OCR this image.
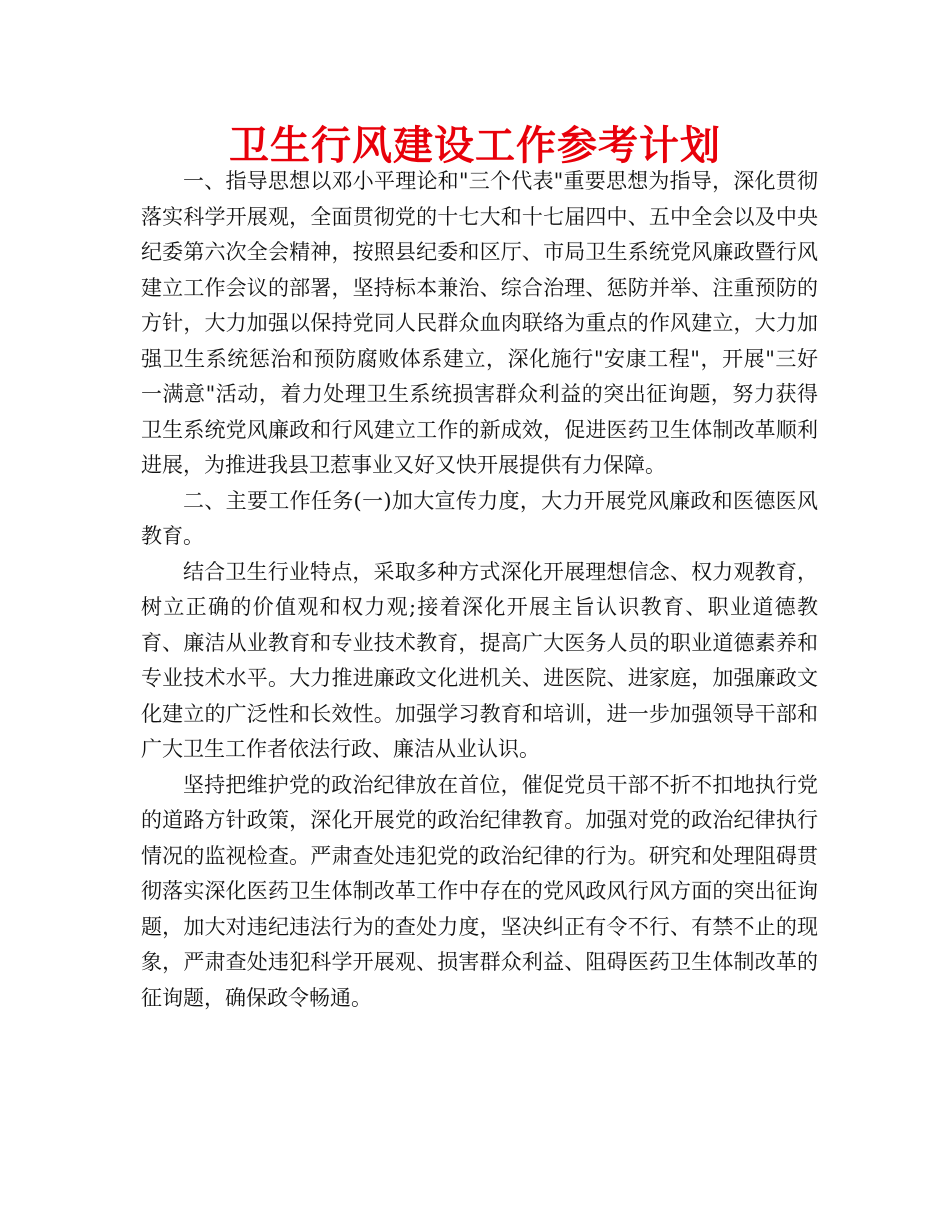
卫生行风建设工作参考计划

一、指导思想以邓小平理论和"三个代表"重要思想为指导，深化贯彻落实科学开展观，全面贯彻党的十七大和十七届四中、五中全会以及中央纪委第六次全会精神，按照县纪委和区厅、市局卫生系统党风廉政暨行风建立工作会议的部署，坚持标本兼治、综合治理、惩防并举、注重预防的方针，大力加强以保持党同人民群众血肉联络为重点的作风建立，大力加强卫生系统惩治和预防腐败体系建立，深化施行"安康工程"，开展"三好一满意"活动，着力处理卫生系统损害群众利益的突出征询题，努力获得卫生系统党风廉政和行风建立工作的新成效，促进医药卫生体制改革顺利进展，为推进我县卫惹事业又好又快开展提供有力保障。

二、主要工作任务(一)加大宣传力度，大力开展党风廉政和医德医风教育。

结合卫生行业特点，采取多种方式深化开展理想信念、权力观教育，树立正确的价值观和权力观;接着深化开展主旨认识教育、职业道德教育、廉洁从业教育和专业技术教育，提高广大医务人员的职业道德素养和专业技术水平。大力推进廉政文化进机关、进医院、进家庭，加强廉政文化建立的广泛性和长效性。加强学习教育和培训，进一步加强领导干部和广大卫生工作者依法行政、廉洁从业认识。

坚持把维护党的政治纪律放在首位，催促党员干部不折不扣地执行党的道路方针政策，深化开展党的政治纪律教育。加强对党的政治纪律执行情况的监视检查。严肃查处违犯党的政治纪律的行为。研究和处理阻碍贯彻落实深化医药卫生体制改革工作中存在的党风政风行风方面的突出征询题，加大对违纪违法行为的查处力度，坚决纠正有令不行、有禁不止的现象，严肃查处违犯科学开展观、损害群众利益、阻碍医药卫生体制改革的征询题，确保政令畅通。
